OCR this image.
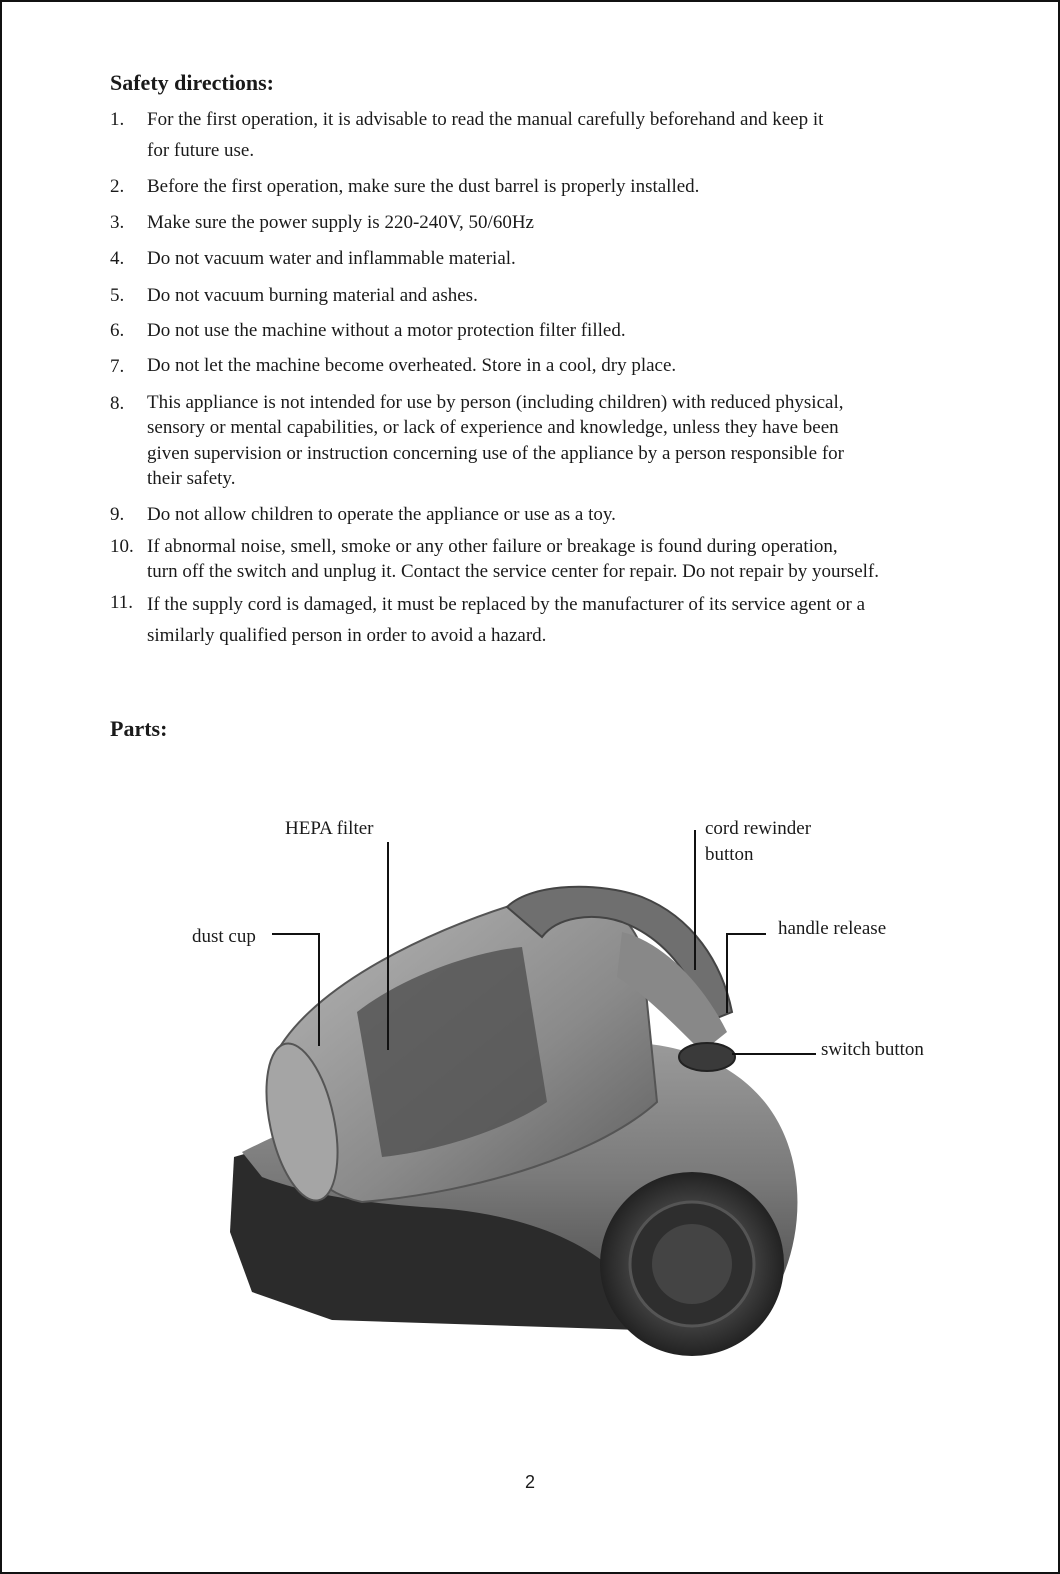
Safety directions:
1. For the first operation, it is advisable to read the manual carefully beforehand and keep it
for future use.
2. Before the first operation, make sure the dust barrel is properly installed.
3. Make sure the power supply is 220-240V, 50/60Hz
4. Do not vacuum water and inflammable material.
5. Do not vacuum burning material and ashes.
6. Do not use the machine without a motor protection filter filled.
7. Do not let the machine become overheated. Store in a cool, dry place.
8. This appliance is not intended for use by person (including children) with reduced physical,
sensory or mental capabilities, or lack of experience and knowledge, unless they have been
given supervision or instruction concerning use of the appliance by a person responsible for
their safety.
9. Do not allow children to operate the appliance or use as a toy.
10. If abnormal noise, smell, smoke or any other failure or breakage is found during operation,
turn off the switch and unplug it. Contact the service center for repair. Do not repair by yourself.
11. If the supply cord is damaged, it must be replaced by the manufacturer of its service agent or a
similarly qualified person in order to avoid a hazard.
Parts:
HEPA filter	cord rewinder
button
dust cup	handle release
switch button
2
